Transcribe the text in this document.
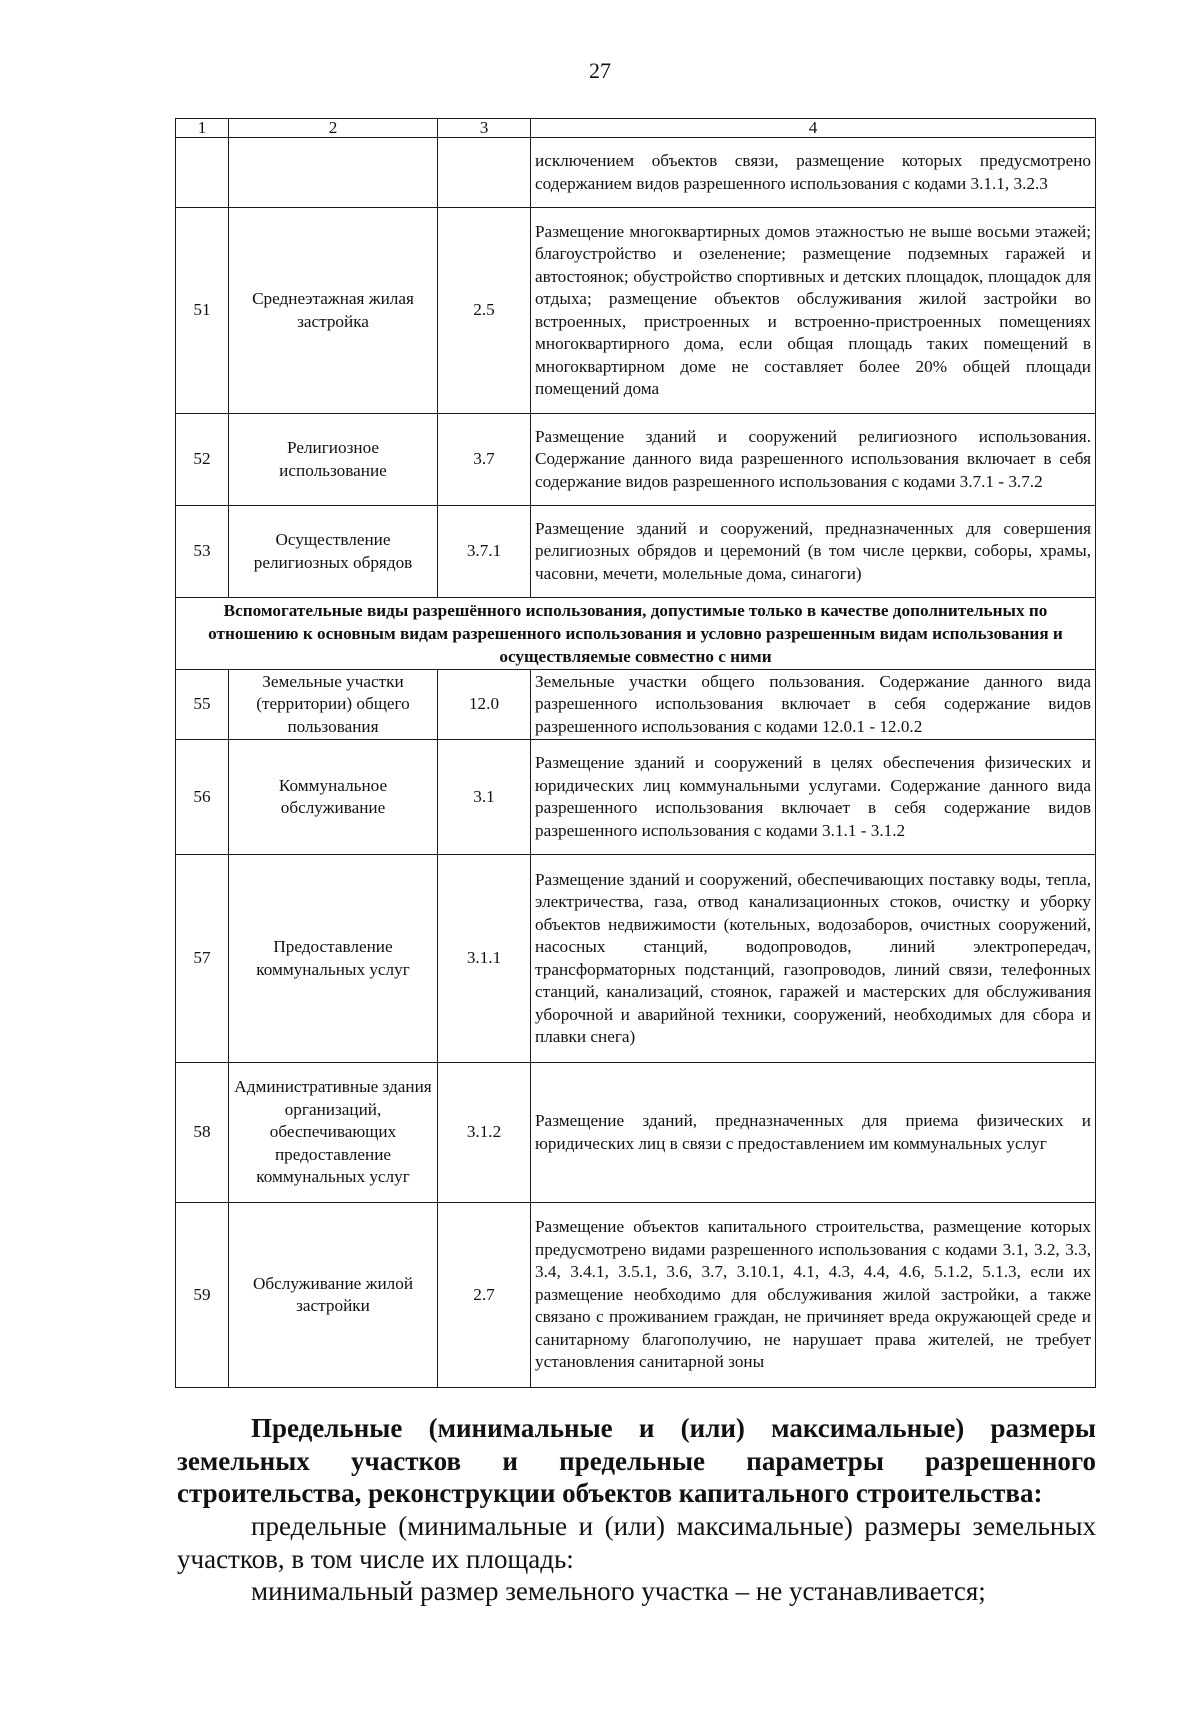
27
1	2	3	4
			исключением объектов связи, размещение которых предусмотрено содержанием видов разрешенного использования с кодами 3.1.1, 3.2.3
51	Среднеэтажная жилая застройка	2.5	Размещение многоквартирных домов этажностью не выше восьми этажей; благоустройство и озеленение; размещение подземных гаражей и автостоянок; обустройство спортивных и детских площадок, площадок для отдыха; размещение объектов обслуживания жилой застройки во встроенных, пристроенных и встроенно-пристроенных помещениях многоквартирного дома, если общая площадь таких помещений в многоквартирном доме не составляет более 20% общей площади помещений дома
52	Религиозное использование	3.7	Размещение зданий и сооружений религиозного использования. Содержание данного вида разрешенного использования включает в себя содержание видов разрешенного использования с кодами 3.7.1 - 3.7.2
53	Осуществление религиозных обрядов	3.7.1	Размещение зданий и сооружений, предназначенных для совершения религиозных обрядов и церемоний (в том числе церкви, соборы, храмы, часовни, мечети, молельные дома, синагоги)
Вспомогательные виды разрешённого использования, допустимые только в качестве дополнительных по отношению к основным видам разрешенного использования и условно разрешенным видам использования и осуществляемые совместно с ними			
55	Земельные участки (территории) общего пользования	12.0	Земельные участки общего пользования. Содержание данного вида разрешенного использования включает в себя содержание видов разрешенного использования с кодами 12.0.1 - 12.0.2
56	Коммунальное обслуживание	3.1	Размещение зданий и сооружений в целях обеспечения физических и юридических лиц коммунальными услугами. Содержание данного вида разрешенного использования включает в себя содержание видов разрешенного использования с кодами 3.1.1 - 3.1.2
57	Предоставление коммунальных услуг	3.1.1	Размещение зданий и сооружений, обеспечивающих поставку воды, тепла, электричества, газа, отвод канализационных стоков, очистку и уборку объектов недвижимости (котельных, водозаборов, очистных сооружений, насосных станций, водопроводов, линий электропередач, трансформаторных подстанций, газопроводов, линий связи, телефонных станций, канализаций, стоянок, гаражей и мастерских для обслуживания уборочной и аварийной техники, сооружений, необходимых для сбора и плавки снега)
58	Административные здания организаций, обеспечивающих предоставление коммунальных услуг	3.1.2	Размещение зданий, предназначенных для приема физических и юридических лиц в связи с предоставлением им коммунальных услуг
59	Обслуживание жилой застройки	2.7	Размещение объектов капитального строительства, размещение которых предусмотрено видами разрешенного использования с кодами 3.1, 3.2, 3.3, 3.4, 3.4.1, 3.5.1, 3.6, 3.7, 3.10.1, 4.1, 4.3, 4.4, 4.6, 5.1.2, 5.1.3, если их размещение необходимо для обслуживания жилой застройки, а также связано с проживанием граждан, не причиняет вреда окружающей среде и санитарному благополучию, не нарушает права жителей, не требует установления санитарной зоны
Предельные (минимальные и (или) максимальные) размеры земельных участков и предельные параметры разрешенного строительства, реконструкции объектов капитального строительства:
предельные (минимальные и (или) максимальные) размеры земельных участков, в том числе их площадь:
минимальный размер земельного участка – не устанавливается;
